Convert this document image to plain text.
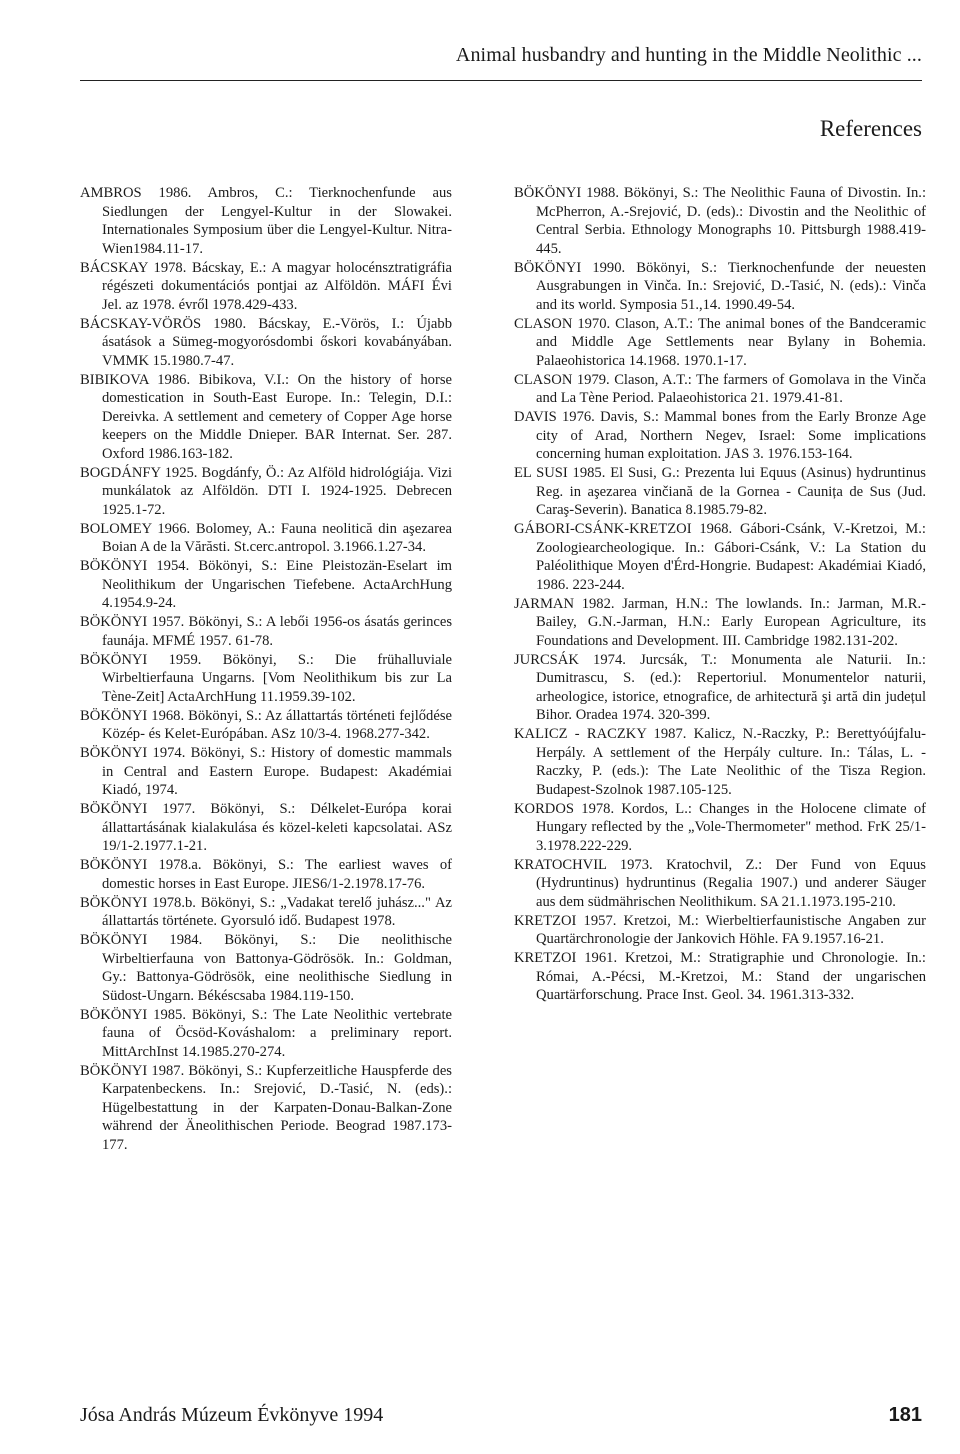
Animal husbandry and hunting in the Middle Neolithic ...
References

AMBROS 1986. Ambros, C.: Tierknochenfunde aus Siedlungen der Lengyel-Kultur in der Slowakei. Internationales Symposium über die Lengyel-Kultur. Nitra-Wien1984.11-17.

BÁCSKAY 1978. Bácskay, E.: A magyar holocénsztratigráfia régészeti dokumentációs pontjai az Alföldön. MÁFI Évi Jel. az 1978. évről 1978.429-433.

BÁCSKAY-VÖRÖS 1980. Bácskay, E.-Vörös, I.: Újabb ásatások a Sümeg-mogyorósdombi őskori kovabányában. VMMK 15.1980.7-47.

BIBIKOVA 1986. Bibikova, V.I.: On the history of horse domestication in South-East Europe. In.: Telegin, D.I.: Dereivka. A settlement and cemetery of Copper Age horse keepers on the Middle Dnieper. BAR Internat. Ser. 287. Oxford 1986.163-182.

BOGDÁNFY 1925. Bogdánfy, Ö.: Az Alföld hidrológiája. Vizi munkálatok az Alföldön. DTI I. 1924-1925. Debrecen 1925.1-72.

BOLOMEY 1966. Bolomey, A.: Fauna neolitică din aşezarea Boian A de la Vărăsti. St.cerc.antropol. 3.1966.1.27-34.

BÖKÖNYI 1954. Bökönyi, S.: Eine Pleistozän-Eselart im Neolithikum der Ungarischen Tiefebene. ActaArchHung 4.1954.9-24.

BÖKÖNYI 1957. Bökönyi, S.: A lebői 1956-os ásatás gerinces faunája. MFMÉ 1957. 61-78.

BÖKÖNYI 1959. Bökönyi, S.: Die frühalluviale Wirbeltierfauna Ungarns. [Vom Neolithikum bis zur La Tène-Zeit] ActaArchHung 11.1959.39-102.

BÖKÖNYI 1968. Bökönyi, S.: Az állattartás történeti fejlődése Közép- és Kelet-Európában. ASz 10/3-4. 1968.277-342.

BÖKÖNYI 1974. Bökönyi, S.: History of domestic mammals in Central and Eastern Europe. Budapest: Akadémiai Kiadó, 1974.

BÖKÖNYI 1977. Bökönyi, S.: Délkelet-Európa korai állattartásának kialakulása és közel-keleti kapcsolatai. ASz 19/1-2.1977.1-21.

BÖKÖNYI 1978.a. Bökönyi, S.: The earliest waves of domestic horses in East Europe. JIES6/1-2.1978.17-76.

BÖKÖNYI 1978.b. Bökönyi, S.: „Vadakat terelő juhász..." Az állattartás története. Gyorsuló idő. Budapest 1978.

BÖKÖNYI 1984. Bökönyi, S.: Die neolithische Wirbeltierfauna von Battonya-Gödrösök. In.: Goldman, Gy.: Battonya-Gödrösök, eine neolithische Siedlung in Südost-Ungarn. Békéscsaba 1984.119-150.

BÖKÖNYI 1985. Bökönyi, S.: The Late Neolithic vertebrate fauna of Öcsöd-Kováshalom: a preliminary report. MittArchInst 14.1985.270-274.

BÖKÖNYI 1987. Bökönyi, S.: Kupferzeitliche Hauspferde des Karpatenbeckens. In.: Srejović, D.-Tasić, N. (eds).: Hügelbestattung in der Karpaten-Donau-Balkan-Zone während der Äneolithischen Periode. Beograd 1987.173-177.

BÖKÖNYI 1988. Bökönyi, S.: The Neolithic Fauna of Divostin. In.: McPherron, A.-Srejović, D. (eds).: Divostin and the Neolithic of Central Serbia. Ethnology Monographs 10. Pittsburgh 1988.419-445.

BÖKÖNYI 1990. Bökönyi, S.: Tierknochenfunde der neuesten Ausgrabungen in Vinča. In.: Srejović, D.-Tasić, N. (eds).: Vinča and its world. Symposia 51.,14. 1990.49-54.

CLASON 1970. Clason, A.T.: The animal bones of the Bandceramic and Middle Age Settlements near Bylany in Bohemia. Palaeohistorica 14.1968. 1970.1-17.

CLASON 1979. Clason, A.T.: The farmers of Gomolava in the Vinča and La Tène Period. Palaeohistorica 21. 1979.41-81.

DAVIS 1976. Davis, S.: Mammal bones from the Early Bronze Age city of Arad, Northern Negev, Israel: Some implications concerning human exploitation. JAS 3. 1976.153-164.

EL SUSI 1985. El Susi, G.: Prezenta lui Equus (Asinus) hydruntinus Reg. in aşezarea vinčiană de la Gornea - Caunița de Sus (Jud. Caraş-Severin). Banatica 8.1985.79-82.

GÁBORI-CSÁNK-KRETZOI 1968. Gábori-Csánk, V.-Kretzoi, M.: Zoologiearcheologique. In.: Gábori-Csánk, V.: La Station du Paléolithique Moyen d'Érd-Hongrie. Budapest: Akadémiai Kiadó, 1986. 223-244.

JARMAN 1982. Jarman, H.N.: The lowlands. In.: Jarman, M.R.-Bailey, G.N.-Jarman, H.N.: Early European Agriculture, its Foundations and Development. III. Cambridge 1982.131-202.

JURCSÁK 1974. Jurcsák, T.: Monumenta ale Naturii. In.: Dumitrascu, S. (ed.): Repertoriul. Monumentelor naturii, arheologice, istorice, etnografice, de arhitectură şi artă din județul Bihor. Oradea 1974. 320-399.

KALICZ - RACZKY 1987. Kalicz, N.-Raczky, P.: Berettyóújfalu-Herpály. A settlement of the Herpály culture. In.: Tálas, L. - Raczky, P. (eds.): The Late Neolithic of the Tisza Region. Budapest-Szolnok 1987.105-125.

KORDOS 1978. Kordos, L.: Changes in the Holocene climate of Hungary reflected by the „Vole-Thermometer" method. FrK 25/1-3.1978.222-229.

KRATOCHVIL 1973. Kratochvil, Z.: Der Fund von Equus (Hydruntinus) hydruntinus (Regalia 1907.) und anderer Säuger aus dem südmährischen Neolithikum. SA 21.1.1973.195-210.

KRETZOI 1957. Kretzoi, M.: Wierbeltierfaunistische Angaben zur Quartärchronologie der Jankovich Höhle. FA 9.1957.16-21.

KRETZOI 1961. Kretzoi, M.: Stratigraphie und Chronologie. In.: Római, A.-Pécsi, M.-Kretzoi, M.: Stand der ungarischen Quartärforschung. Prace Inst. Geol. 34. 1961.313-332.

Jósa András Múzeum Évkönyve 1994	181
